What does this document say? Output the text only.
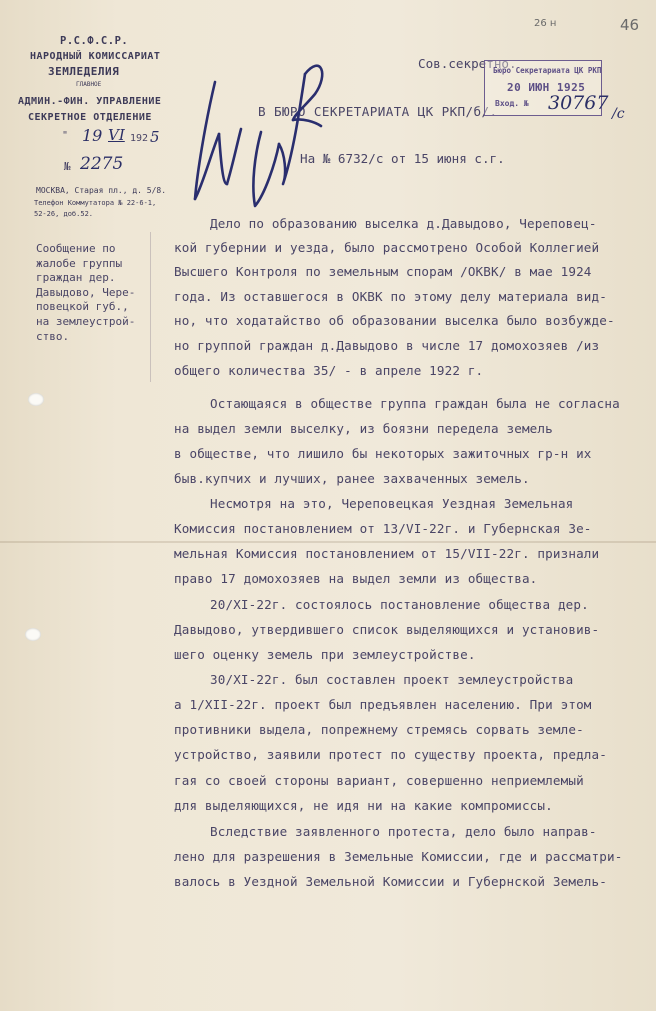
26 н	46
Р.С.Ф.С.Р.
НАРОДНЫЙ КОМИССАРИАТ
ЗЕМЛЕДЕЛИЯ
ГЛАВНОЕ
АДМИН.-ФИН. УПРАВЛЕНИЕ
СЕКРЕТНОЕ ОТДЕЛЕНИЕ
" 19 VI 192 5
№ 2275
МОСКВА, Старая пл., д. 5/8.
Телефон Коммутатора № 22-6-1,
52-26, доб.52.
Сов.секретно.
В БЮРО СЕКРЕТАРИАТА ЦК РКП/б/.
На № 6732/с от 15 июня с.г.
Бюро Секретариата ЦК РКП
20 ИЮН 1925
Вход. № 30767 /с
Сообщение по
жалобе группы
граждан дер.
Давыдово, Чере-
повецкой губ.,
на землеустрой-
ство.
Дело по образованию выселка д.Давыдово, Череповец-
кой губернии и уезда, было рассмотрено Особой Коллегией
Высшего Контроля по земельным спорам /ОКВК/ в мае 1924
года. Из оставшегося в ОКВК по этому делу материала вид-
но, что ходатайство об образовании выселка было возбужде-
но группой граждан д.Давыдово в числе 17 домохозяев /из
общего количества 35/ - в апреле 1922 г.
Остающаяся в обществе группа граждан была не согласна
на выдел земли выселку, из боязни передела земель
в обществе, что лишило бы некоторых зажиточных гр-н их
быв.купчих и лучших, ранее захваченных земель.
Несмотря на это, Череповецкая Уездная Земельная
Комиссия постановлением от 13/VI-22г. и Губернская Зе-
мельная Комиссия постановлением от 15/VII-22г. признали
право 17 домохозяев на выдел земли из общества.
20/XI-22г. состоялось постановление общества дер.
Давыдово, утвердившего список выделяющихся и установив-
шего оценку земель при землеустройстве.
30/XI-22г. был составлен проект землеустройства
а 1/XII-22г. проект был предъявлен населению. При этом
противники выдела, попрежнему стремясь сорвать земле-
устройство, заявили протест по существу проекта, предла-
гая со своей стороны вариант, совершенно неприемлемый
для выделяющихся, не идя ни на какие компромиссы.
Вследствие заявленного протеста, дело было направ-
лено для разрешения в Земельные Комиссии, где и рассматри-
валось в Уездной Земельной Комиссии и Губернской Земель-
